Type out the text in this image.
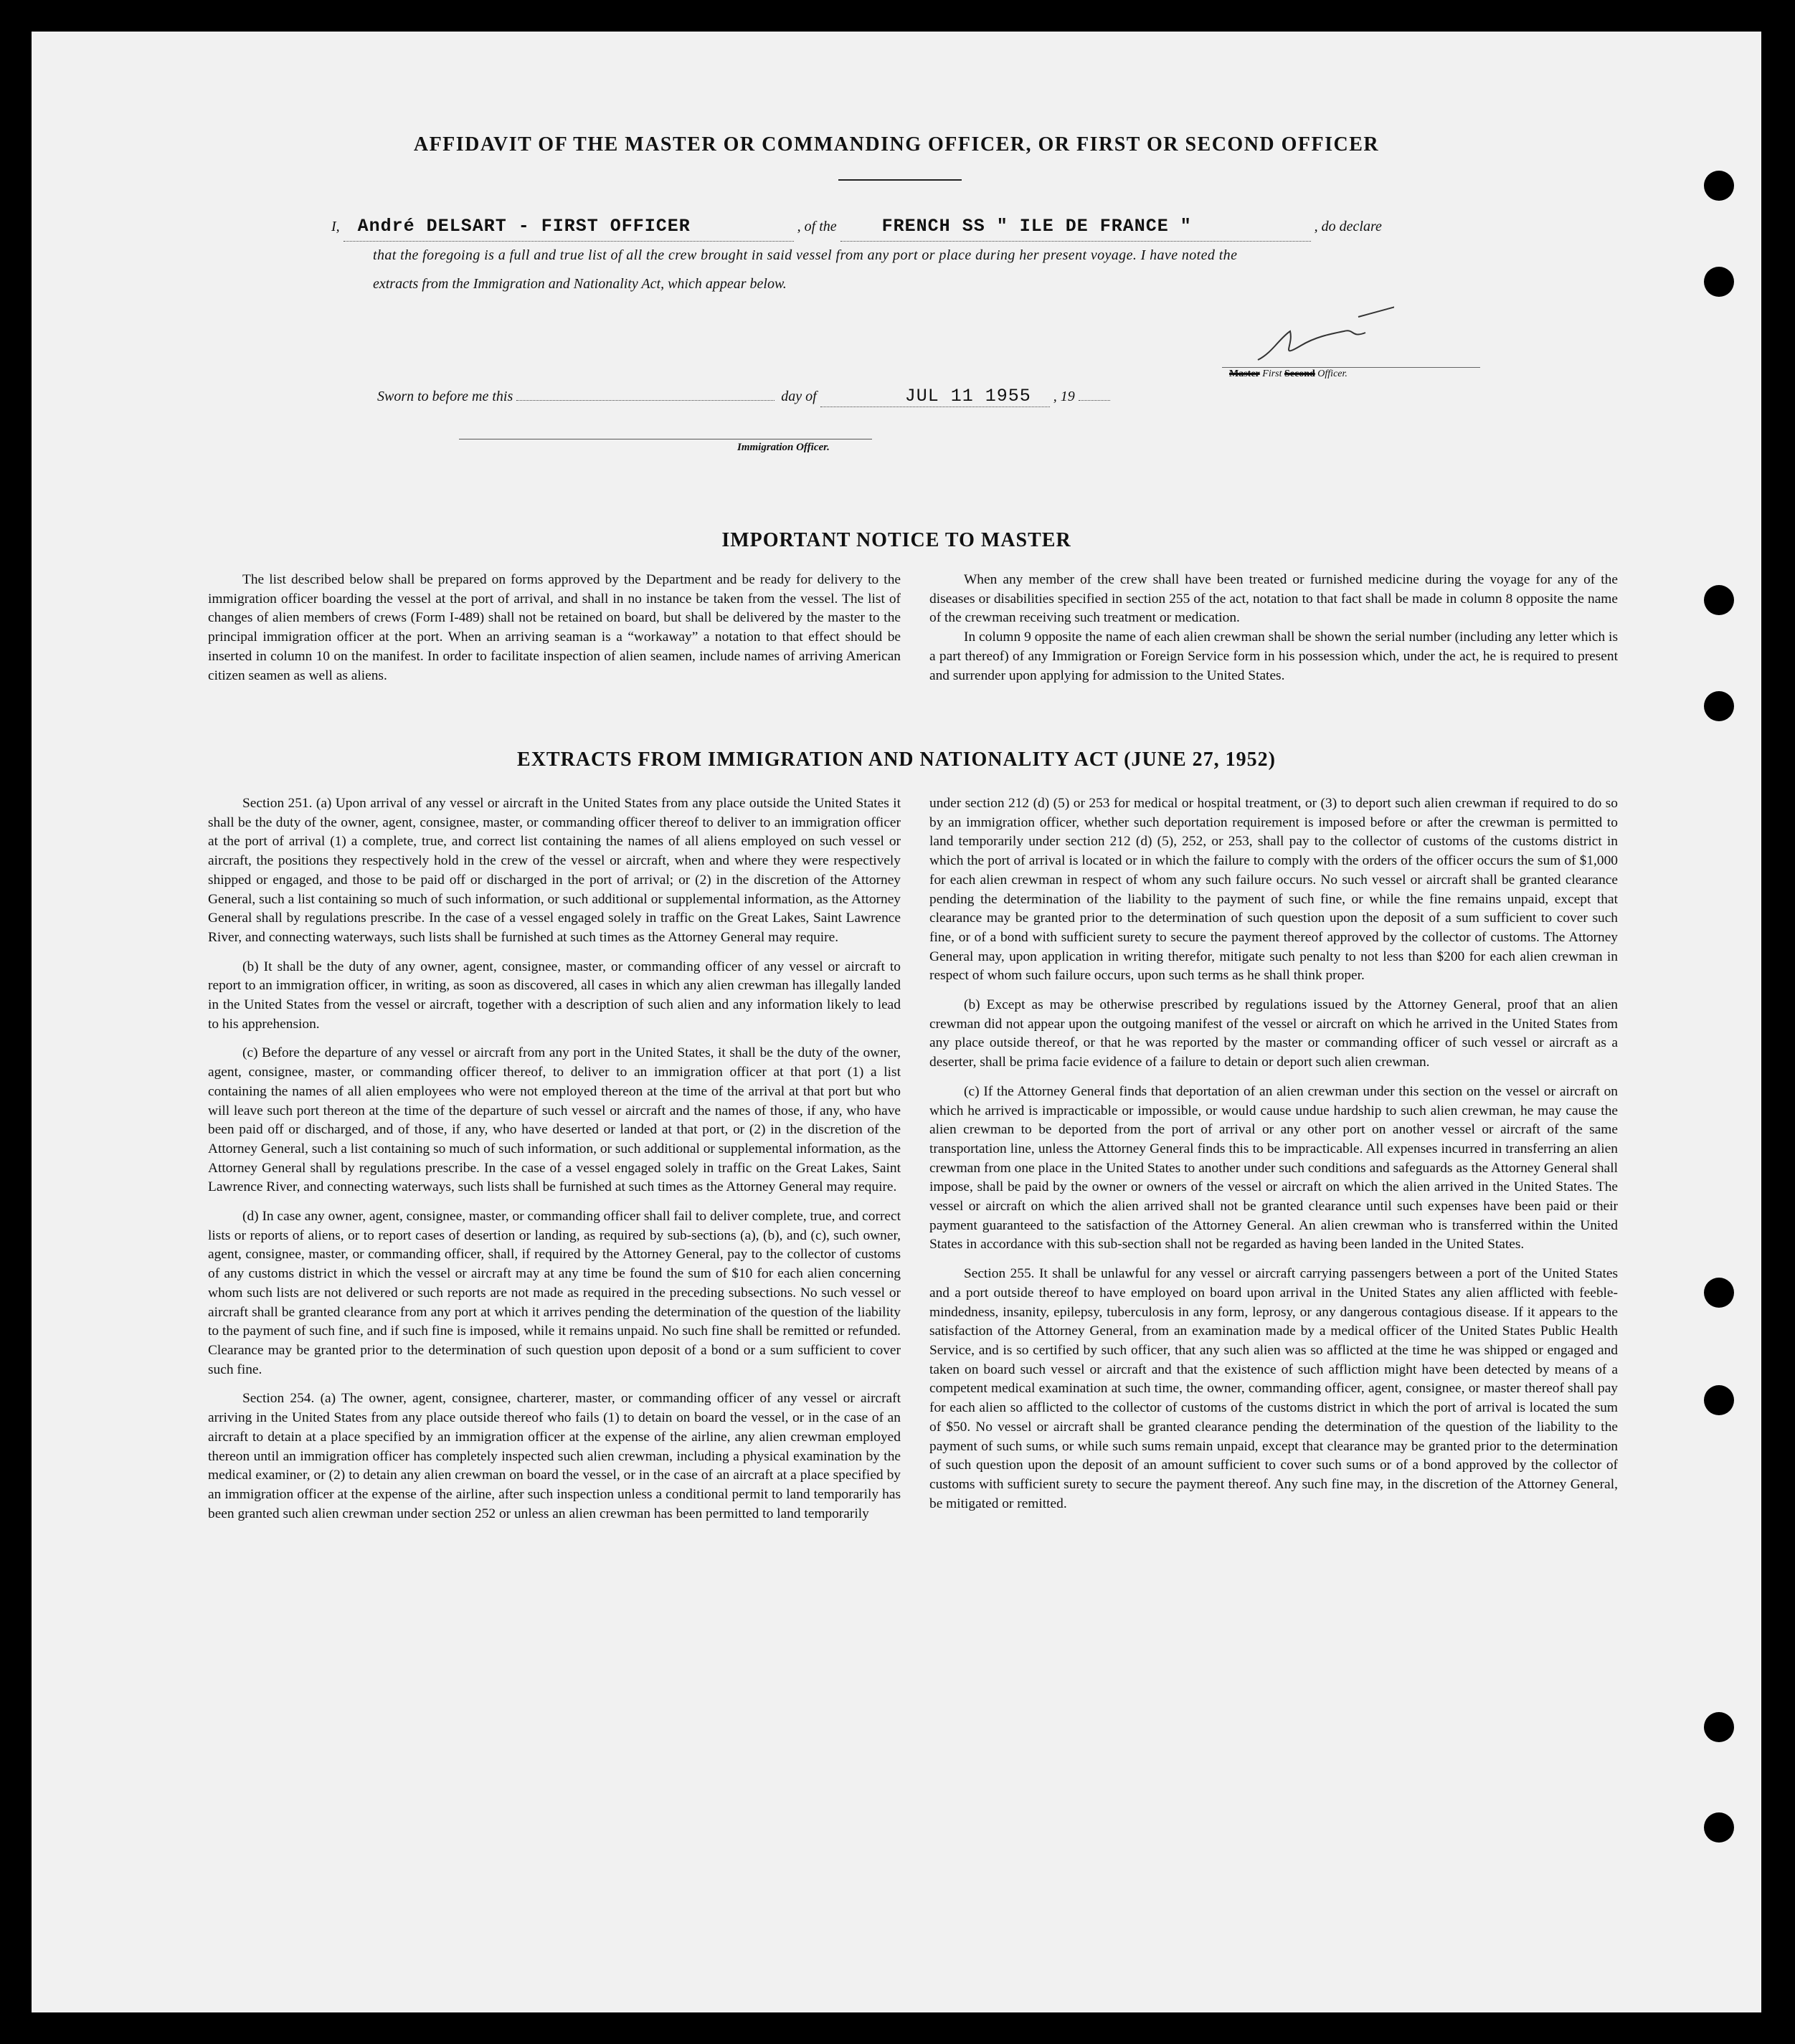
AFFIDAVIT OF THE MASTER OR COMMANDING OFFICER, OR FIRST OR SECOND OFFICER
I, André DELSART - FIRST OFFICER	, of the	FRENCH SS " ILE DE FRANCE "	, do declare
that the foregoing is a full and true list of all the crew brought in said vessel from any port or place during her present voyage. I have noted the
extracts from the Immigration and Nationality Act, which appear below.
Master First Second Officer.
Sworn to before me this	day of	JUL 11 1955 , 19
Immigration Officer.
IMPORTANT NOTICE TO MASTER

The list described below shall be prepared on forms approved by the Department and be ready for delivery to the immigration officer boarding the vessel at the port of arrival, and shall in no instance be taken from the vessel. The list of changes of alien members of crews (Form I-489) shall not be retained on board, but shall be delivered by the master to the principal immigration officer at the port. When an arriving seaman is a “workaway” a notation to that effect should be inserted in column 10 on the manifest. In order to facilitate inspection of alien seamen, include names of arriving American citizen seamen as well as aliens.

When any member of the crew shall have been treated or furnished medicine during the voyage for any of the diseases or disabilities specified in section 255 of the act, notation to that fact shall be made in column 8 opposite the name of the crewman receiving such treatment or medication.

In column 9 opposite the name of each alien crewman shall be shown the serial number (including any letter which is a part thereof) of any Immigration or Foreign Service form in his possession which, under the act, he is required to present and surrender upon applying for admission to the United States.

EXTRACTS FROM IMMIGRATION AND NATIONALITY ACT (JUNE 27, 1952)

Section 251. (a) Upon arrival of any vessel or aircraft in the United States from any place outside the United States it shall be the duty of the owner, agent, consignee, master, or commanding officer thereof to deliver to an immigration officer at the port of arrival (1) a complete, true, and correct list containing the names of all aliens employed on such vessel or aircraft, the positions they respectively hold in the crew of the vessel or aircraft, when and where they were respectively shipped or engaged, and those to be paid off or discharged in the port of arrival; or (2) in the discretion of the Attorney General, such a list containing so much of such information, or such additional or supplemental information, as the Attorney General shall by regulations prescribe. In the case of a vessel engaged solely in traffic on the Great Lakes, Saint Lawrence River, and connecting waterways, such lists shall be furnished at such times as the Attorney General may require.

(b) It shall be the duty of any owner, agent, consignee, master, or commanding officer of any vessel or aircraft to report to an immigration officer, in writing, as soon as discovered, all cases in which any alien crewman has illegally landed in the United States from the vessel or aircraft, together with a description of such alien and any information likely to lead to his apprehension.

(c) Before the departure of any vessel or aircraft from any port in the United States, it shall be the duty of the owner, agent, consignee, master, or commanding officer thereof, to deliver to an immigration officer at that port (1) a list containing the names of all alien employees who were not employed thereon at the time of the arrival at that port but who will leave such port thereon at the time of the departure of such vessel or aircraft and the names of those, if any, who have been paid off or discharged, and of those, if any, who have deserted or landed at that port, or (2) in the discretion of the Attorney General, such a list containing so much of such information, or such additional or supplemental information, as the Attorney General shall by regulations prescribe. In the case of a vessel engaged solely in traffic on the Great Lakes, Saint Lawrence River, and connecting waterways, such lists shall be furnished at such times as the Attorney General may require.

(d) In case any owner, agent, consignee, master, or commanding officer shall fail to deliver complete, true, and correct lists or reports of aliens, or to report cases of desertion or landing, as required by sub-sections (a), (b), and (c), such owner, agent, consignee, master, or commanding officer, shall, if required by the Attorney General, pay to the collector of customs of any customs district in which the vessel or aircraft may at any time be found the sum of $10 for each alien concerning whom such lists are not delivered or such reports are not made as required in the preceding subsections. No such vessel or aircraft shall be granted clearance from any port at which it arrives pending the determination of the question of the liability to the payment of such fine, and if such fine is imposed, while it remains unpaid. No such fine shall be remitted or refunded. Clearance may be granted prior to the determination of such question upon deposit of a bond or a sum sufficient to cover such fine.

Section 254. (a) The owner, agent, consignee, charterer, master, or commanding officer of any vessel or aircraft arriving in the United States from any place outside thereof who fails (1) to detain on board the vessel, or in the case of an aircraft to detain at a place specified by an immigration officer at the expense of the airline, any alien crewman employed thereon until an immigration officer has completely inspected such alien crewman, including a physical examination by the medical examiner, or (2) to detain any alien crewman on board the vessel, or in the case of an aircraft at a place specified by an immigration officer at the expense of the airline, after such inspection unless a conditional permit to land temporarily has been granted such alien crewman under section 252 or unless an alien crewman has been permitted to land temporarily

under section 212 (d) (5) or 253 for medical or hospital treatment, or (3) to deport such alien crewman if required to do so by an immigration officer, whether such deportation requirement is imposed before or after the crewman is permitted to land temporarily under section 212 (d) (5), 252, or 253, shall pay to the collector of customs of the customs district in which the port of arrival is located or in which the failure to comply with the orders of the officer occurs the sum of $1,000 for each alien crewman in respect of whom any such failure occurs. No such vessel or aircraft shall be granted clearance pending the determination of the liability to the payment of such fine, or while the fine remains unpaid, except that clearance may be granted prior to the determination of such question upon the deposit of a sum sufficient to cover such fine, or of a bond with sufficient surety to secure the payment thereof approved by the collector of customs. The Attorney General may, upon application in writing therefor, mitigate such penalty to not less than $200 for each alien crewman in respect of whom such failure occurs, upon such terms as he shall think proper.

(b) Except as may be otherwise prescribed by regulations issued by the Attorney General, proof that an alien crewman did not appear upon the outgoing manifest of the vessel or aircraft on which he arrived in the United States from any place outside thereof, or that he was reported by the master or commanding officer of such vessel or aircraft as a deserter, shall be prima facie evidence of a failure to detain or deport such alien crewman.

(c) If the Attorney General finds that deportation of an alien crewman under this section on the vessel or aircraft on which he arrived is impracticable or impossible, or would cause undue hardship to such alien crewman, he may cause the alien crewman to be deported from the port of arrival or any other port on another vessel or aircraft of the same transportation line, unless the Attorney General finds this to be impracticable. All expenses incurred in transferring an alien crewman from one place in the United States to another under such conditions and safeguards as the Attorney General shall impose, shall be paid by the owner or owners of the vessel or aircraft on which the alien arrived in the United States. The vessel or aircraft on which the alien arrived shall not be granted clearance until such expenses have been paid or their payment guaranteed to the satisfaction of the Attorney General. An alien crewman who is transferred within the United States in accordance with this sub-section shall not be regarded as having been landed in the United States.

Section 255. It shall be unlawful for any vessel or aircraft carrying passengers between a port of the United States and a port outside thereof to have employed on board upon arrival in the United States any alien afflicted with feeble-mindedness, insanity, epilepsy, tuberculosis in any form, leprosy, or any dangerous contagious disease. If it appears to the satisfaction of the Attorney General, from an examination made by a medical officer of the United States Public Health Service, and is so certified by such officer, that any such alien was so afflicted at the time he was shipped or engaged and taken on board such vessel or aircraft and that the existence of such affliction might have been detected by means of a competent medical examination at such time, the owner, commanding officer, agent, consignee, or master thereof shall pay for each alien so afflicted to the collector of customs of the customs district in which the port of arrival is located the sum of $50. No vessel or aircraft shall be granted clearance pending the determination of the question of the liability to the payment of such sums, or while such sums remain unpaid, except that clearance may be granted prior to the determination of such question upon the deposit of an amount sufficient to cover such sums or of a bond approved by the collector of customs with sufficient surety to secure the payment thereof. Any such fine may, in the discretion of the Attorney General, be mitigated or remitted.
